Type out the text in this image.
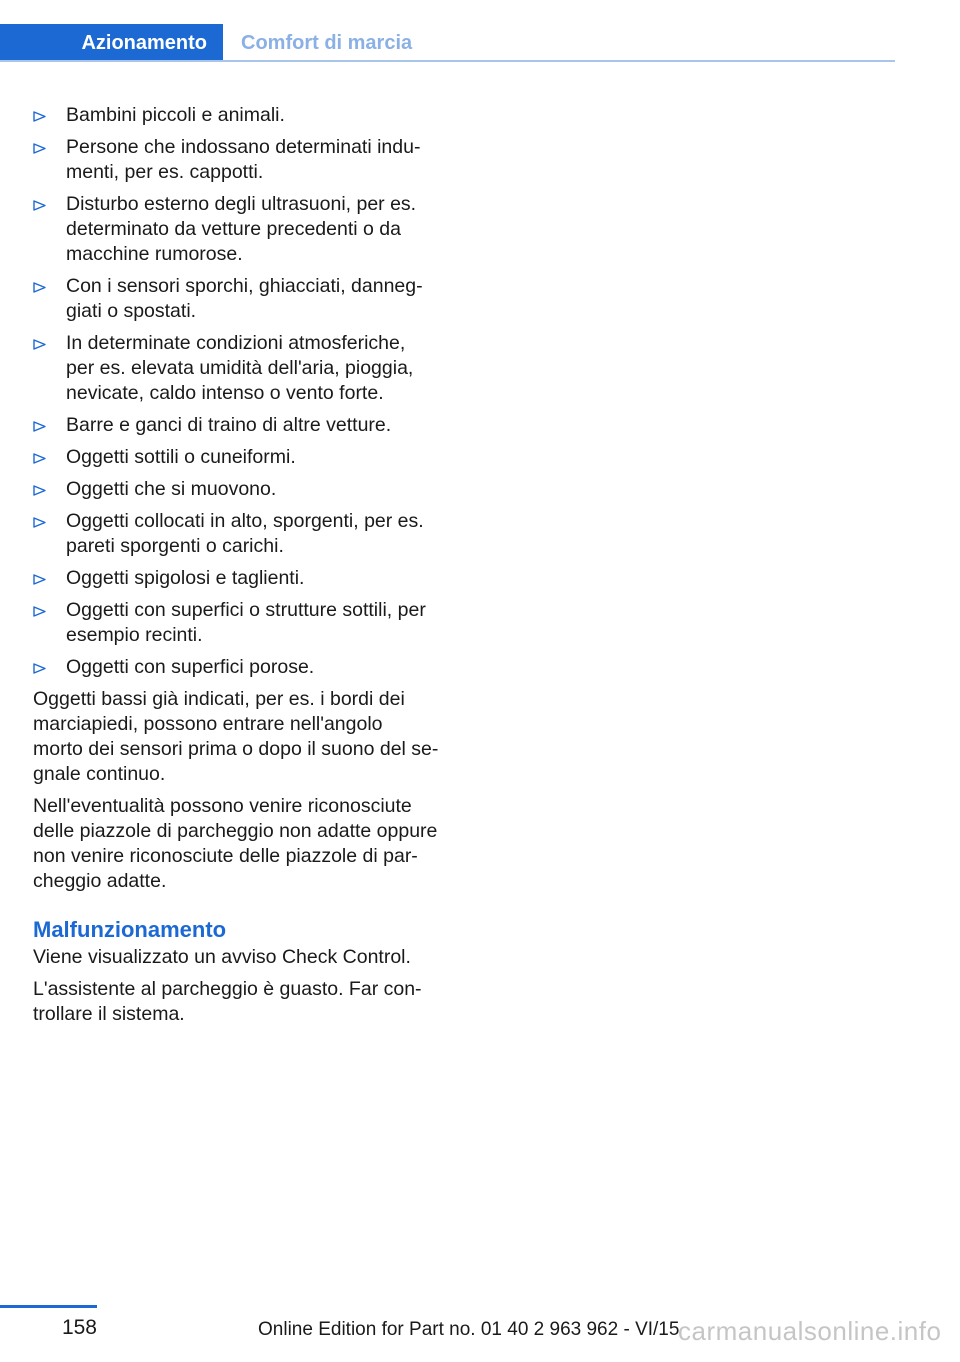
Azionamento	Comfort di marcia
Bambini piccoli e animali.
Persone che indossano determinati indu-
menti, per es. cappotti.
Disturbo esterno degli ultrasuoni, per es.
determinato da vetture precedenti o da
macchine rumorose.
Con i sensori sporchi, ghiacciati, danneg-
giati o spostati.
In determinate condizioni atmosferiche,
per es. elevata umidità dell'aria, pioggia,
nevicate, caldo intenso o vento forte.
Barre e ganci di traino di altre vetture.
Oggetti sottili o cuneiformi.
Oggetti che si muovono.
Oggetti collocati in alto, sporgenti, per es.
pareti sporgenti o carichi.
Oggetti spigolosi e taglienti.
Oggetti con superfici o strutture sottili, per
esempio recinti.
Oggetti con superfici porose.

Oggetti bassi già indicati, per es. i bordi dei
marciapiedi, possono entrare nell'angolo
morto dei sensori prima o dopo il suono del se-
gnale continuo.

Nell'eventualità possono venire riconosciute
delle piazzole di parcheggio non adatte oppure
non venire riconosciute delle piazzole di par-
cheggio adatte.

Malfunzionamento

Viene visualizzato un avviso Check Control.

L'assistente al parcheggio è guasto. Far con-
trollare il sistema.

158	Online Edition for Part no. 01 40 2 963 962 - VI/15
carmanualsonline.info
